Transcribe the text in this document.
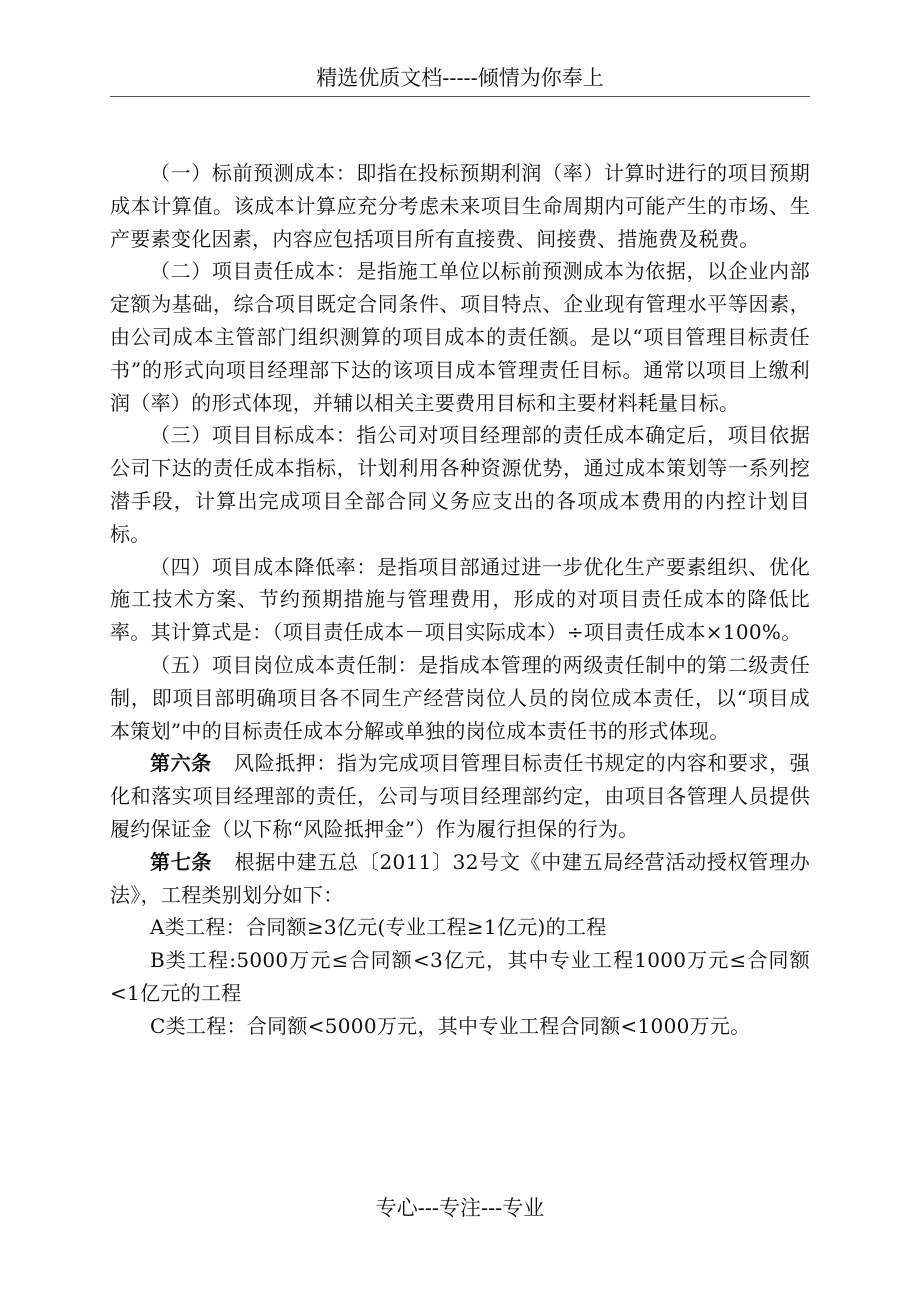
精选优质文档-----倾情为你奉上

（一）标前预测成本：即指在投标预期利润（率）计算时进行的项目预期成本计算值。该成本计算应充分考虑未来项目生命周期内可能产生的市场、生产要素变化因素，内容应包括项目所有直接费、间接费、措施费及税费。

（二）项目责任成本：是指施工单位以标前预测成本为依据，以企业内部定额为基础，综合项目既定合同条件、项目特点、企业现有管理水平等因素，由公司成本主管部门组织测算的项目成本的责任额。是以“项目管理目标责任书”的形式向项目经理部下达的该项目成本管理责任目标。通常以项目上缴利润（率）的形式体现，并辅以相关主要费用目标和主要材料耗量目标。

（三）项目目标成本：指公司对项目经理部的责任成本确定后，项目依据公司下达的责任成本指标，计划利用各种资源优势，通过成本策划等一系列挖潜手段，计算出完成项目全部合同义务应支出的各项成本费用的内控计划目标。

（四）项目成本降低率：是指项目部通过进一步优化生产要素组织、优化施工技术方案、节约预期措施与管理费用，形成的对项目责任成本的降低比率。其计算式是：（项目责任成本－项目实际成本）÷项目责任成本×100%。

（五）项目岗位成本责任制：是指成本管理的两级责任制中的第二级责任制，即项目部明确项目各不同生产经营岗位人员的岗位成本责任，以“项目成本策划”中的目标责任成本分解或单独的岗位成本责任书的形式体现。

第六条 风险抵押：指为完成项目管理目标责任书规定的内容和要求，强化和落实项目经理部的责任，公司与项目经理部约定，由项目各管理人员提供履约保证金（以下称“风险抵押金”）作为履行担保的行为。

第七条 根据中建五总〔2011〕32号文《中建五局经营活动授权管理办法》，工程类别划分如下：

A类工程：合同额≥3亿元(专业工程≥1亿元)的工程

B类工程:5000万元≤合同额<3亿元，其中专业工程1000万元≤合同额<1亿元的工程

C类工程：合同额<5000万元，其中专业工程合同额<1000万元。

专心---专注---专业
